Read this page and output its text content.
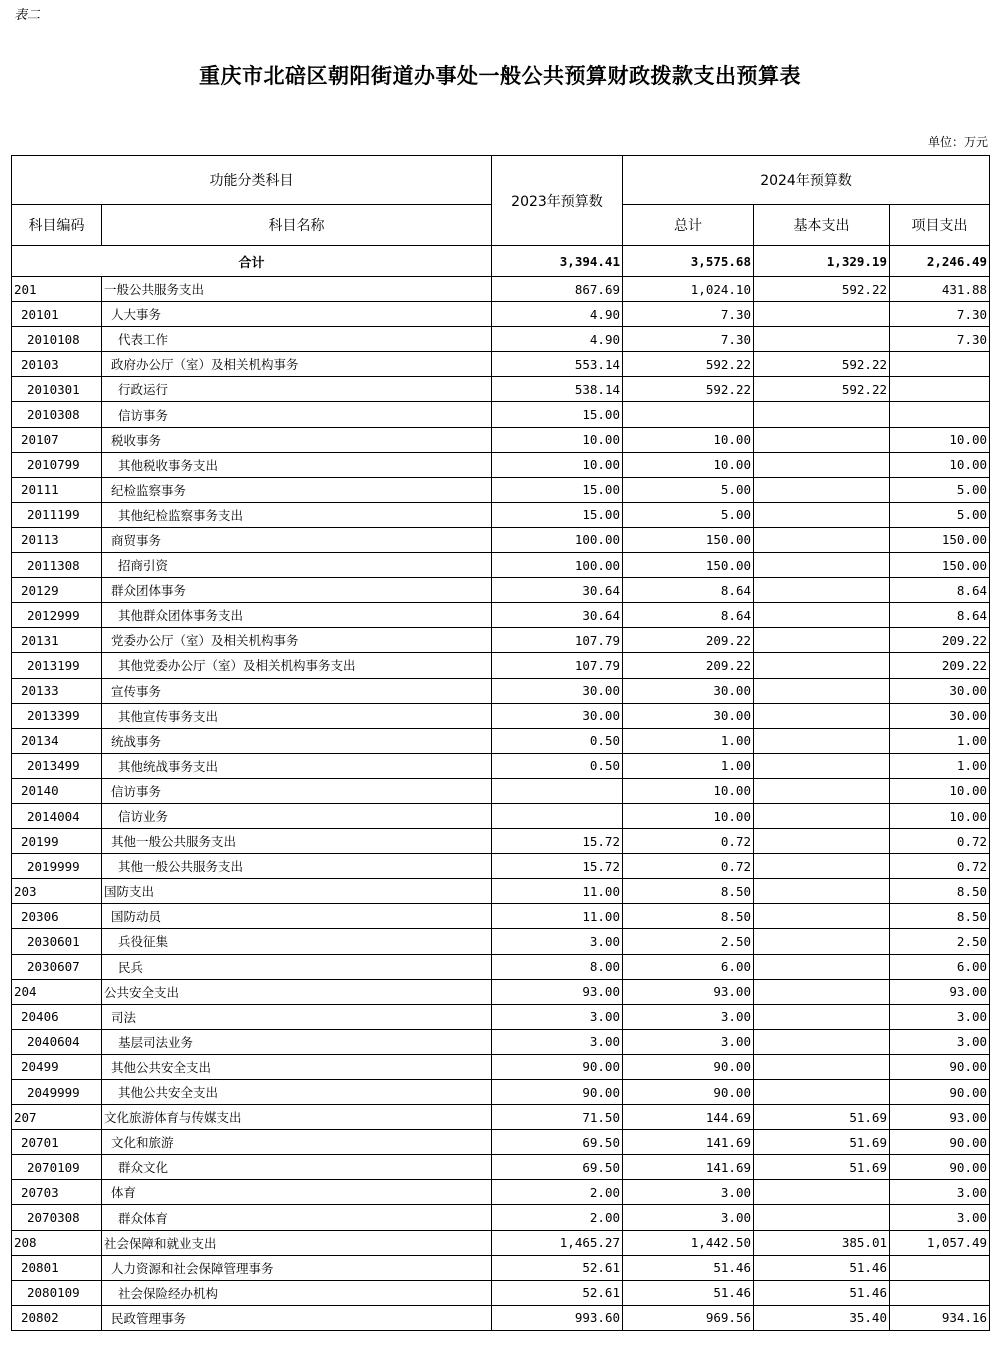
表二
重庆市北碚区朝阳街道办事处一般公共预算财政拨款支出预算表
单位：万元
功能分类科目		2023年预算数	2024年预算数		
科目编码	科目名称		总计	基本支出	项目支出
合计		3,394.41	3,575.68	1,329.19	2,246.49
201	一般公共服务支出	867.69	1,024.10	592.22	431.88
20101	人大事务	4.90	7.30		7.30
2010108	代表工作	4.90	7.30		7.30
20103	政府办公厅（室）及相关机构事务	553.14	592.22	592.22	
2010301	行政运行	538.14	592.22	592.22	
2010308	信访事务	15.00			
20107	税收事务	10.00	10.00		10.00
2010799	其他税收事务支出	10.00	10.00		10.00
20111	纪检监察事务	15.00	5.00		5.00
2011199	其他纪检监察事务支出	15.00	5.00		5.00
20113	商贸事务	100.00	150.00		150.00
2011308	招商引资	100.00	150.00		150.00
20129	群众团体事务	30.64	8.64		8.64
2012999	其他群众团体事务支出	30.64	8.64		8.64
20131	党委办公厅（室）及相关机构事务	107.79	209.22		209.22
2013199	其他党委办公厅（室）及相关机构事务支出	107.79	209.22		209.22
20133	宣传事务	30.00	30.00		30.00
2013399	其他宣传事务支出	30.00	30.00		30.00
20134	统战事务	0.50	1.00		1.00
2013499	其他统战事务支出	0.50	1.00		1.00
20140	信访事务		10.00		10.00
2014004	信访业务		10.00		10.00
20199	其他一般公共服务支出	15.72	0.72		0.72
2019999	其他一般公共服务支出	15.72	0.72		0.72
203	国防支出	11.00	8.50		8.50
20306	国防动员	11.00	8.50		8.50
2030601	兵役征集	3.00	2.50		2.50
2030607	民兵	8.00	6.00		6.00
204	公共安全支出	93.00	93.00		93.00
20406	司法	3.00	3.00		3.00
2040604	基层司法业务	3.00	3.00		3.00
20499	其他公共安全支出	90.00	90.00		90.00
2049999	其他公共安全支出	90.00	90.00		90.00
207	文化旅游体育与传媒支出	71.50	144.69	51.69	93.00
20701	文化和旅游	69.50	141.69	51.69	90.00
2070109	群众文化	69.50	141.69	51.69	90.00
20703	体育	2.00	3.00		3.00
2070308	群众体育	2.00	3.00		3.00
208	社会保障和就业支出	1,465.27	1,442.50	385.01	1,057.49
20801	人力资源和社会保障管理事务	52.61	51.46	51.46	
2080109	社会保险经办机构	52.61	51.46	51.46	
20802	民政管理事务	993.60	969.56	35.40	934.16
